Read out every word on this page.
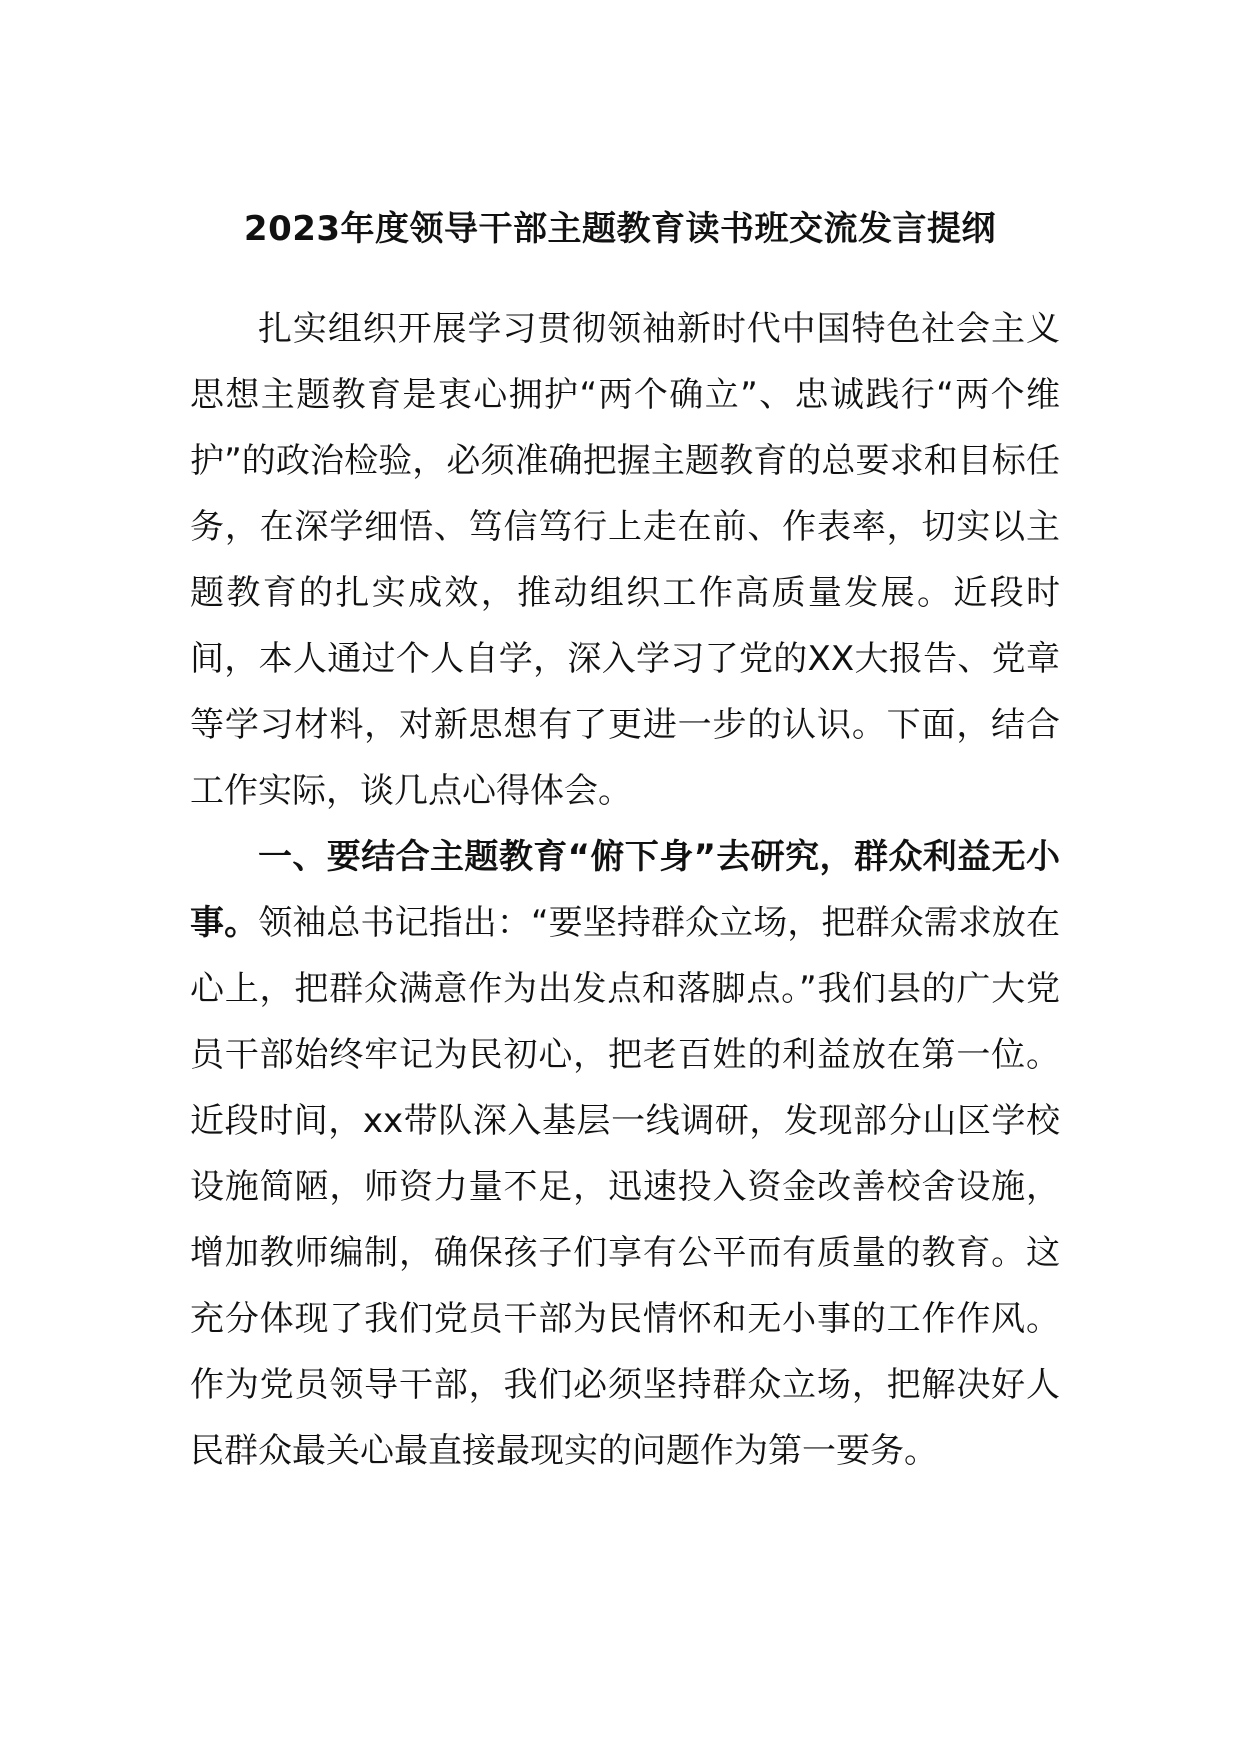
2023年度领导干部主题教育读书班交流发言提纲

扎实组织开展学习贯彻领袖新时代中国特色社会主义思想主题教育是衷心拥护“两个确立”、忠诚践行“两个维护”的政治检验，必须准确把握主题教育的总要求和目标任务，在深学细悟、笃信笃行上走在前、作表率，切实以主题教育的扎实成效，推动组织工作高质量发展。近段时间，本人通过个人自学，深入学习了党的XX大报告、党章等学习材料，对新思想有了更进一步的认识。下面，结合工作实际，谈几点心得体会。

一、要结合主题教育“俯下身”去研究，群众利益无小事。领袖总书记指出：“要坚持群众立场，把群众需求放在心上，把群众满意作为出发点和落脚点。”我们县的广大党员干部始终牢记为民初心，把老百姓的利益放在第一位。近段时间，xx带队深入基层一线调研，发现部分山区学校设施简陋，师资力量不足，迅速投入资金改善校舍设施，增加教师编制，确保孩子们享有公平而有质量的教育。这充分体现了我们党员干部为民情怀和无小事的工作作风。作为党员领导干部，我们必须坚持群众立场，把解决好人民群众最关心最直接最现实的问题作为第一要务。
